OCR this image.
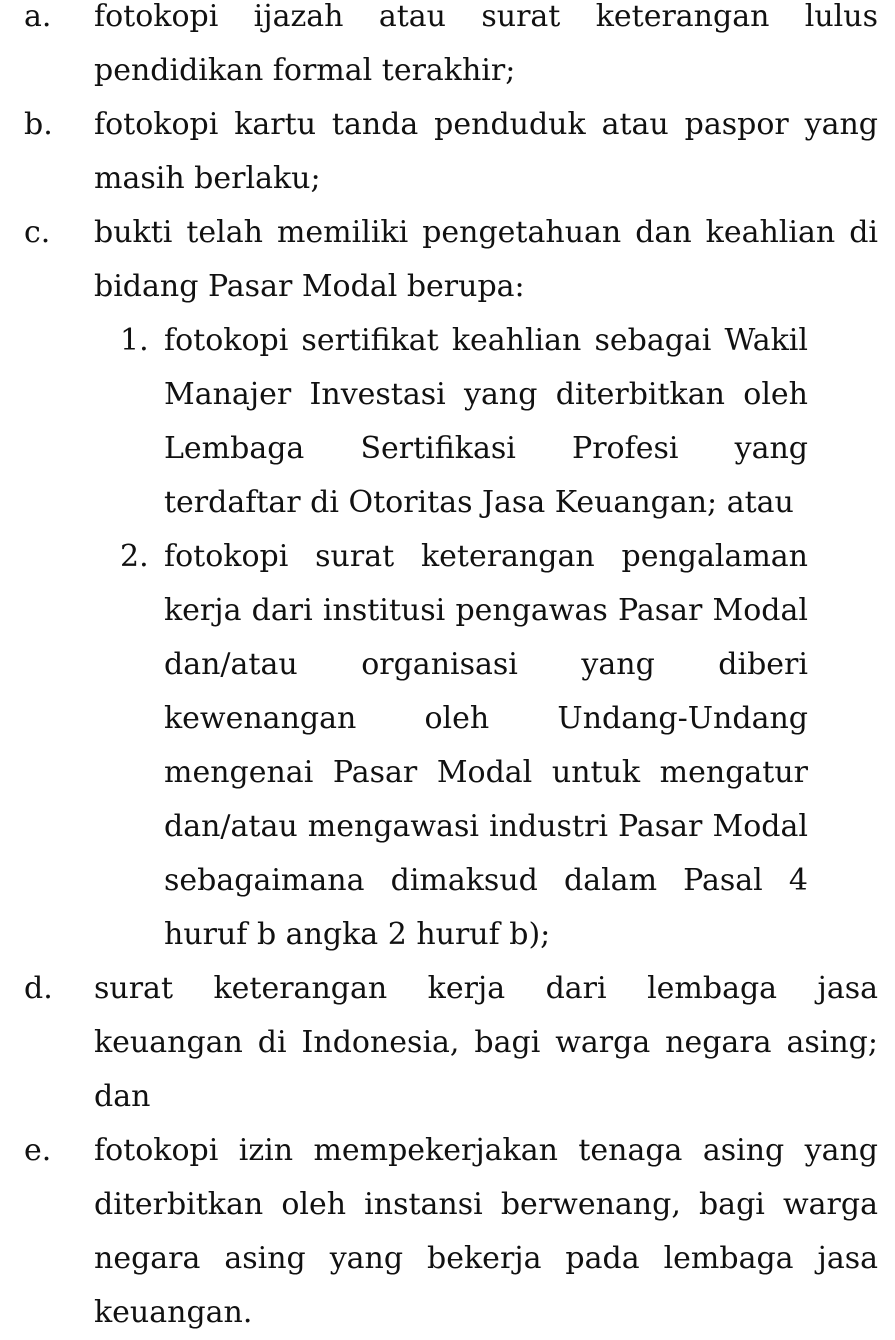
a. fotokopi ijazah atau surat keterangan lulus pendidikan formal terakhir;
b. fotokopi kartu tanda penduduk atau paspor yang masih berlaku;
c. bukti telah memiliki pengetahuan dan keahlian di bidang Pasar Modal berupa:
1. fotokopi sertifikat keahlian sebagai Wakil Manajer Investasi yang diterbitkan oleh Lembaga Sertifikasi Profesi yang terdaftar di Otoritas Jasa Keuangan; atau
2. fotokopi surat keterangan pengalaman kerja dari institusi pengawas Pasar Modal dan/atau organisasi yang diberi kewenangan oleh Undang-Undang mengenai Pasar Modal untuk mengatur dan/atau mengawasi industri Pasar Modal sebagaimana dimaksud dalam Pasal 4 huruf b angka 2 huruf b);
d. surat keterangan kerja dari lembaga jasa keuangan di Indonesia, bagi warga negara asing; dan
e. fotokopi izin mempekerjakan tenaga asing yang diterbitkan oleh instansi berwenang, bagi warga negara asing yang bekerja pada lembaga jasa keuangan.
